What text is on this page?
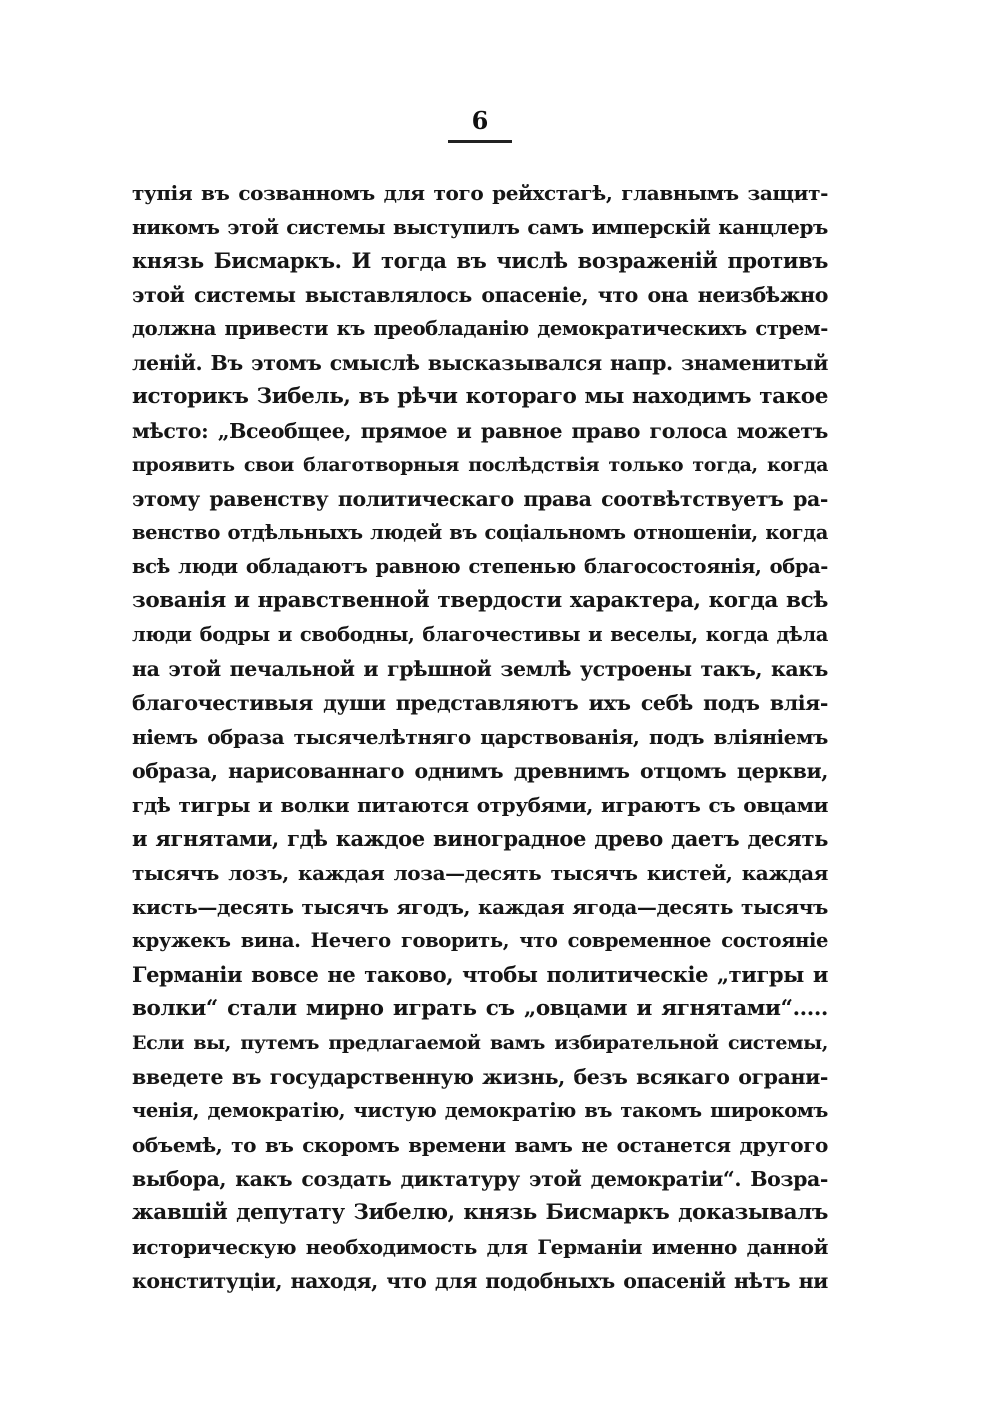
6
тупія въ созванномъ для того рейхстагѣ, главнымъ защит-
никомъ этой системы выступилъ самъ имперскій канцлеръ
князь Бисмаркъ. И тогда въ числѣ возраженій противъ
этой системы выставлялось опасеніе, что она неизбѣжно
должна привести къ преобладанію демократическихъ стрем-
леній. Въ этомъ смыслѣ высказывался напр. знаменитый
историкъ Зибель, въ рѣчи котораго мы находимъ такое
мѣсто: „Всеобщее, прямое и равное право голоса можетъ
проявить свои благотворныя послѣдствія только тогда, когда
этому равенству политическаго права соотвѣтствуетъ ра-
венство отдѣльныхъ людей въ соціальномъ отношеніи, когда
всѣ люди обладаютъ равною степенью благосостоянія, обра-
зованія и нравственной твердости характера, когда всѣ
люди бодры и свободны, благочестивы и веселы, когда дѣла
на этой печальной и грѣшной землѣ устроены такъ, какъ
благочестивыя души представляютъ ихъ себѣ подъ влія-
ніемъ образа тысячелѣтняго царствованія, подъ вліяніемъ
образа, нарисованнаго однимъ древнимъ отцомъ церкви,
гдѣ тигры и волки питаются отрубями, играютъ съ овцами
и ягнятами, гдѣ каждое виноградное древо даетъ десять
тысячъ лозъ, каждая лоза—десять тысячъ кистей, каждая
кисть—десять тысячъ ягодъ, каждая ягода—десять тысячъ
кружекъ вина. Нечего говорить, что современное состояніе
Германіи вовсе не таково, чтобы политическіе „тигры и
волки“ стали мирно играть съ „овцами и ягнятами“.....
Если вы, путемъ предлагаемой вамъ избирательной системы,
введете въ государственную жизнь, безъ всякаго ограни-
ченія, демократію, чистую демократію въ такомъ широкомъ
объемѣ, то въ скоромъ времени вамъ не останется другого
выбора, какъ создать диктатуру этой демократіи“. Возра-
жавшій депутату Зибелю, князь Бисмаркъ доказывалъ
историческую необходимость для Германіи именно данной
конституціи, находя, что для подобныхъ опасеній нѣтъ ни
